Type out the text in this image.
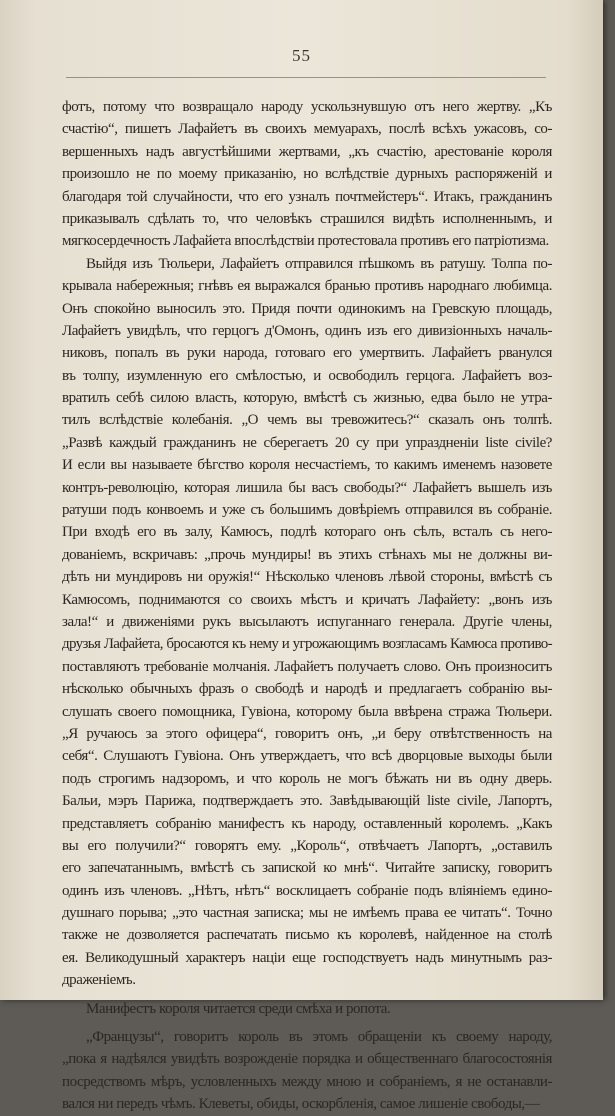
55
фотъ, потому что возвращало народу ускользнувшую отъ него жертву. „Къ
счастію“, пишетъ Лафайетъ въ своихъ мемуарахъ, послѣ всѣхъ ужасовъ, со-
вершенныхъ надъ августѣйшими жертвами, „къ счастію, арестованіе короля
произошло не по моему приказанію, но вслѣдствіе дурныхъ распоряженій и
благодаря той случайности, что его узналъ почтмейстеръ“. Итакъ, гражданинъ
приказывалъ сдѣлать то, что человѣкъ страшился видѣть исполненнымъ, и
мягкосердечность Лафайета впослѣдствіи протестовала противъ его патріотизма.
Выйдя изъ Тюльери, Лафайетъ отправился пѣшкомъ въ ратушу. Толпа по-
крывала набережныя; гнѣвъ ея выражался бранью противъ народнаго любимца.
Онъ спокойно выносилъ это. Придя почти одинокимъ на Гревскую площадь,
Лафайетъ увидѣлъ, что герцогъ д'Омонъ, одинъ изъ его дивизіонныхъ началь-
никовъ, попалъ въ руки народа, готоваго его умертвить. Лафайетъ рванулся
въ толпу, изумленную его смѣлостью, и освободилъ герцога. Лафайетъ воз-
вратилъ себѣ силою власть, которую, вмѣстѣ съ жизнью, едва было не утра-
тилъ вслѣдствіе колебанія. „О чемъ вы тревожитесь?“ сказалъ онъ толпѣ.
„Развѣ каждый гражданинъ не сберегаетъ 20 су при упраздненіи liste civile?
И если вы называете бѣгство короля несчастіемъ, то какимъ именемъ назовете
контръ-революцію, которая лишила бы васъ свободы?“ Лафайетъ вышелъ изъ
ратуши подъ конвоемъ и уже съ большимъ довѣріемъ отправился въ собраніе.
При входѣ его въ залу, Камюсъ, подлѣ котораго онъ сѣлъ, всталъ съ него-
дованіемъ, вскричавъ: „прочь мундиры! въ этихъ стѣнахъ мы не должны ви-
дѣть ни мундировъ ни оружія!“ Нѣсколько членовъ лѣвой стороны, вмѣстѣ съ
Камюсомъ, поднимаются со своихъ мѣстъ и кричатъ Лафайету: „вонъ изъ
зала!“ и движеніями рукъ высылаютъ испуганнаго генерала. Другіе члены,
друзья Лафайета, бросаются къ нему и угрожающимъ возгласамъ Камюса противо-
поставляютъ требованіе молчанія. Лафайетъ получаетъ слово. Онъ произноситъ
нѣсколько обычныхъ фразъ о свободѣ и народѣ и предлагаетъ собранію вы-
слушать своего помощника, Гувіона, которому была ввѣрена стража Тюльери.
„Я ручаюсь за этого офицера“, говоритъ онъ, „и беру отвѣтственность на
себя“. Слушаютъ Гувіона. Онъ утверждаетъ, что всѣ дворцовые выходы были
подъ строгимъ надзоромъ, и что король не могъ бѣжать ни въ одну дверь.
Бальи, мэръ Парижа, подтверждаетъ это. Завѣдывающій liste civile, Лапортъ,
представляетъ собранію манифестъ къ народу, оставленный королемъ. „Какъ
вы его получили?“ говорятъ ему. „Король“, отвѣчаетъ Лапортъ, „оставилъ
его запечатаннымъ, вмѣстѣ съ запиской ко мнѣ“. Читайте записку, говоритъ
одинъ изъ членовъ. „Нѣтъ, нѣтъ“ восклицаетъ собраніе подъ вліяніемъ едино-
душнаго порыва; „это частная записка; мы не имѣемъ права ее читать“. Точно
также не дозволяется распечатать письмо къ королевѣ, найденное на столѣ
ея. Великодушный характеръ націи еще господствуетъ надъ минутнымъ раз-
драженіемъ.
Манифестъ короля читается среди смѣха и ропота.
„Французы“, говоритъ король въ этомъ обращеніи къ своему народу,
„пока я надѣялся увидѣть возрожденіе порядка и общественнаго благосостоянія
посредствомъ мѣръ, условленныхъ между мною и собраніемъ, я не останавли-
вался ни передъ чѣмъ. Клеветы, обиды, оскорбленія, самое лишеніе свободы,—
